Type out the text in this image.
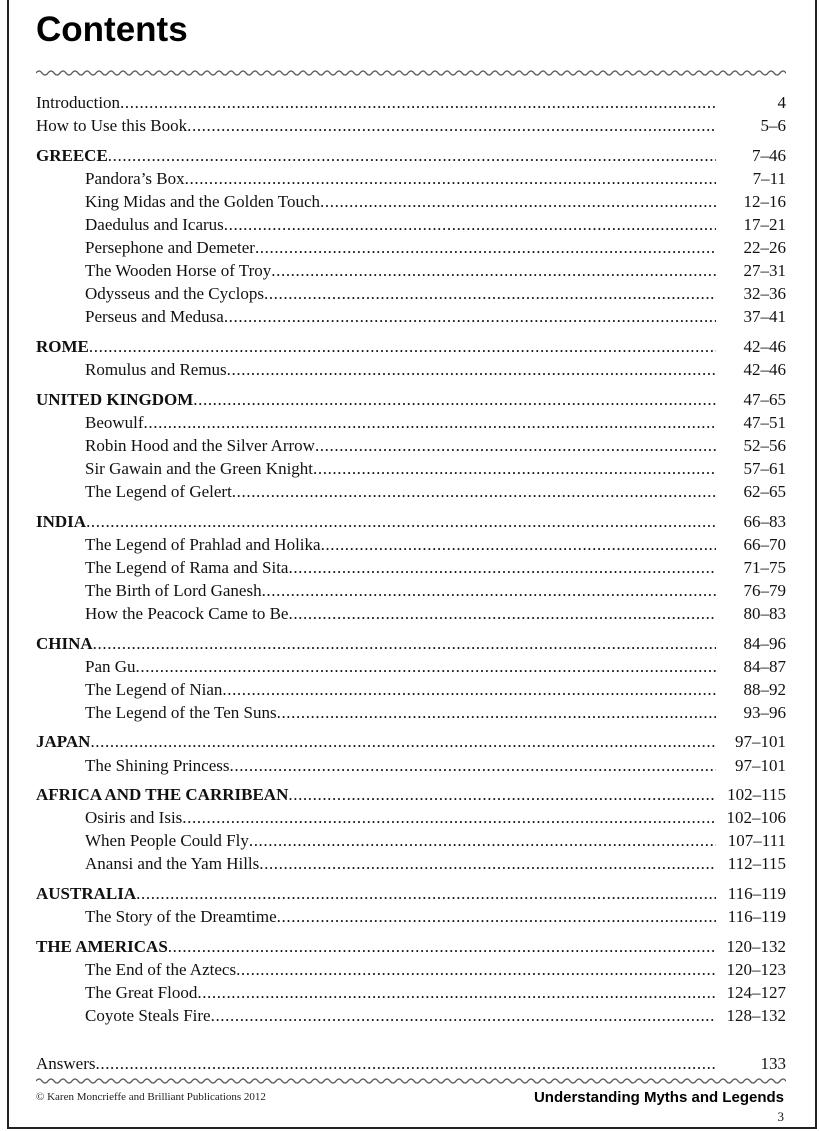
Contents
Introduction .....	4
How to Use this Book .....	5–6
GREECE .....	7–46
Pandora’s Box .....	7–11
King Midas and the Golden Touch .....	12–16
Daedulus and Icarus .....	17–21
Persephone and Demeter .....	22–26
The Wooden Horse of Troy .....	27–31
Odysseus and the Cyclops .....	32–36
Perseus and Medusa .....	37–41
ROME .....	42–46
Romulus and Remus .....	42–46
UNITED KINGDOM .....	47–65
Beowulf .....	47–51
Robin Hood and the Silver Arrow .....	52–56
Sir Gawain and the Green Knight .....	57–61
The Legend of Gelert .....	62–65
INDIA .....	66–83
The Legend of Prahlad and Holika .....	66–70
The Legend of Rama and Sita .....	71–75
The Birth of Lord Ganesh .....	76–79
How the Peacock Came to Be .....	80–83
CHINA .....	84–96
Pan Gu .....	84–87
The Legend of Nian .....	88–92
The Legend of the Ten Suns .....	93–96
JAPAN .....	97–101
The Shining Princess .....	97–101
AFRICA AND THE CARRIBEAN .....	102–115
Osiris and Isis .....	102–106
When People Could Fly .....	107–111
Anansi and the Yam Hills .....	112–115
AUSTRALIA .....	116–119
The Story of the Dreamtime .....	116–119
THE AMERICAS .....	120–132
The End of the Aztecs .....	120–123
The Great Flood .....	124–127
Coyote Steals Fire .....	128–132
Answers .....	133
© Karen Moncrieffe and Brilliant Publications 2012	Understanding Myths and Legends
3
